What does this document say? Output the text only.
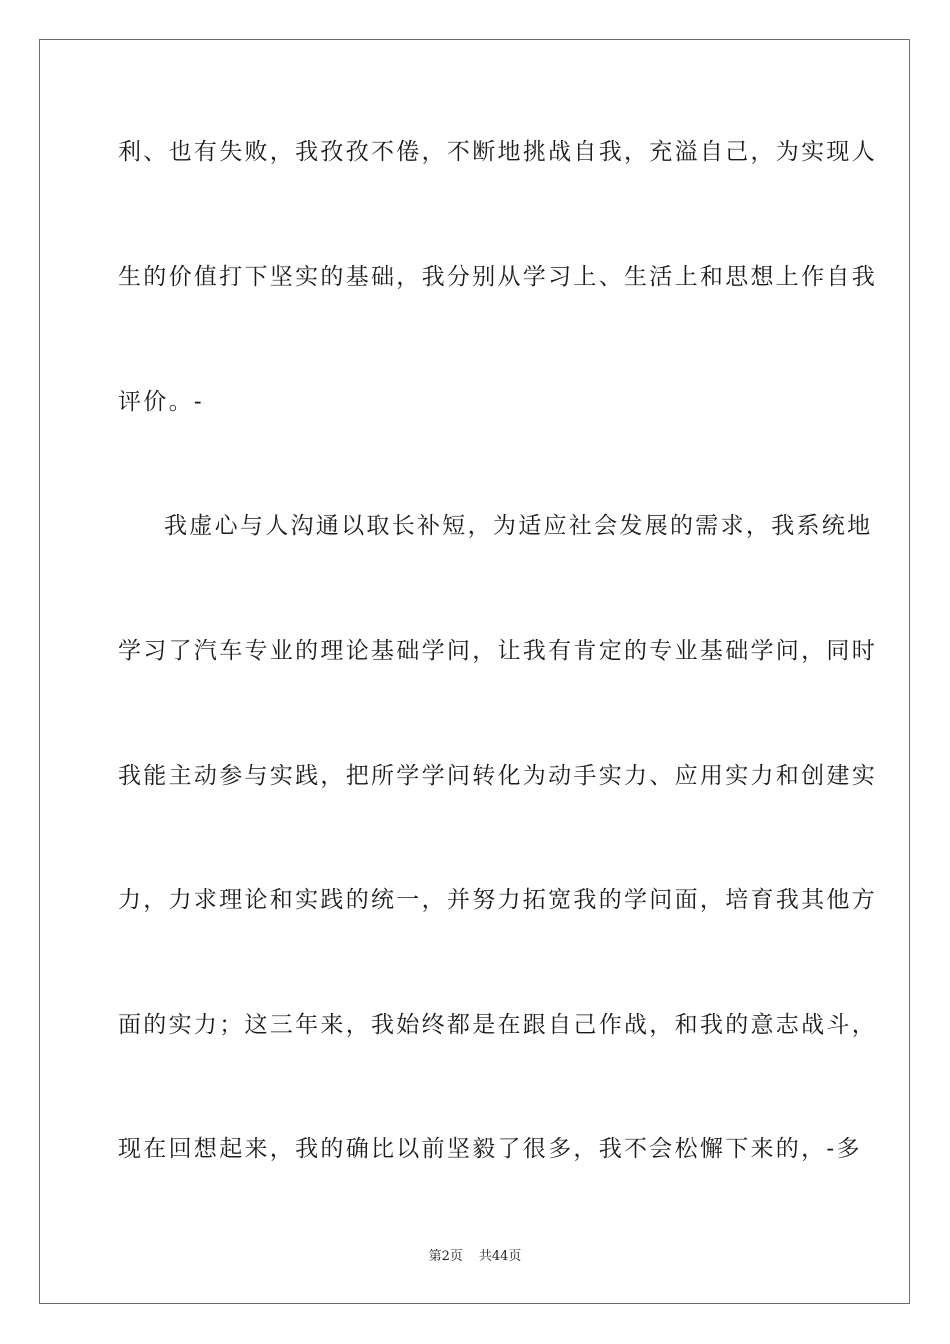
利、也有失败，我孜孜不倦，不断地挑战自我，充溢自己，为实现人
生的价值打下坚实的基础，我分别从学习上、生活上和思想上作自我
评价。-
我虚心与人沟通以取长补短，为适应社会发展的需求，我系统地
学习了汽车专业的理论基础学问，让我有肯定的专业基础学问，同时
我能主动参与实践，把所学学问转化为动手实力、应用实力和创建实
力，力求理论和实践的统一，并努力拓宽我的学问面，培育我其他方
面的实力；这三年来，我始终都是在跟自己作战，和我的意志战斗，
现在回想起来，我的确比以前坚毅了很多，我不会松懈下来的，-多
第2页 共44页
